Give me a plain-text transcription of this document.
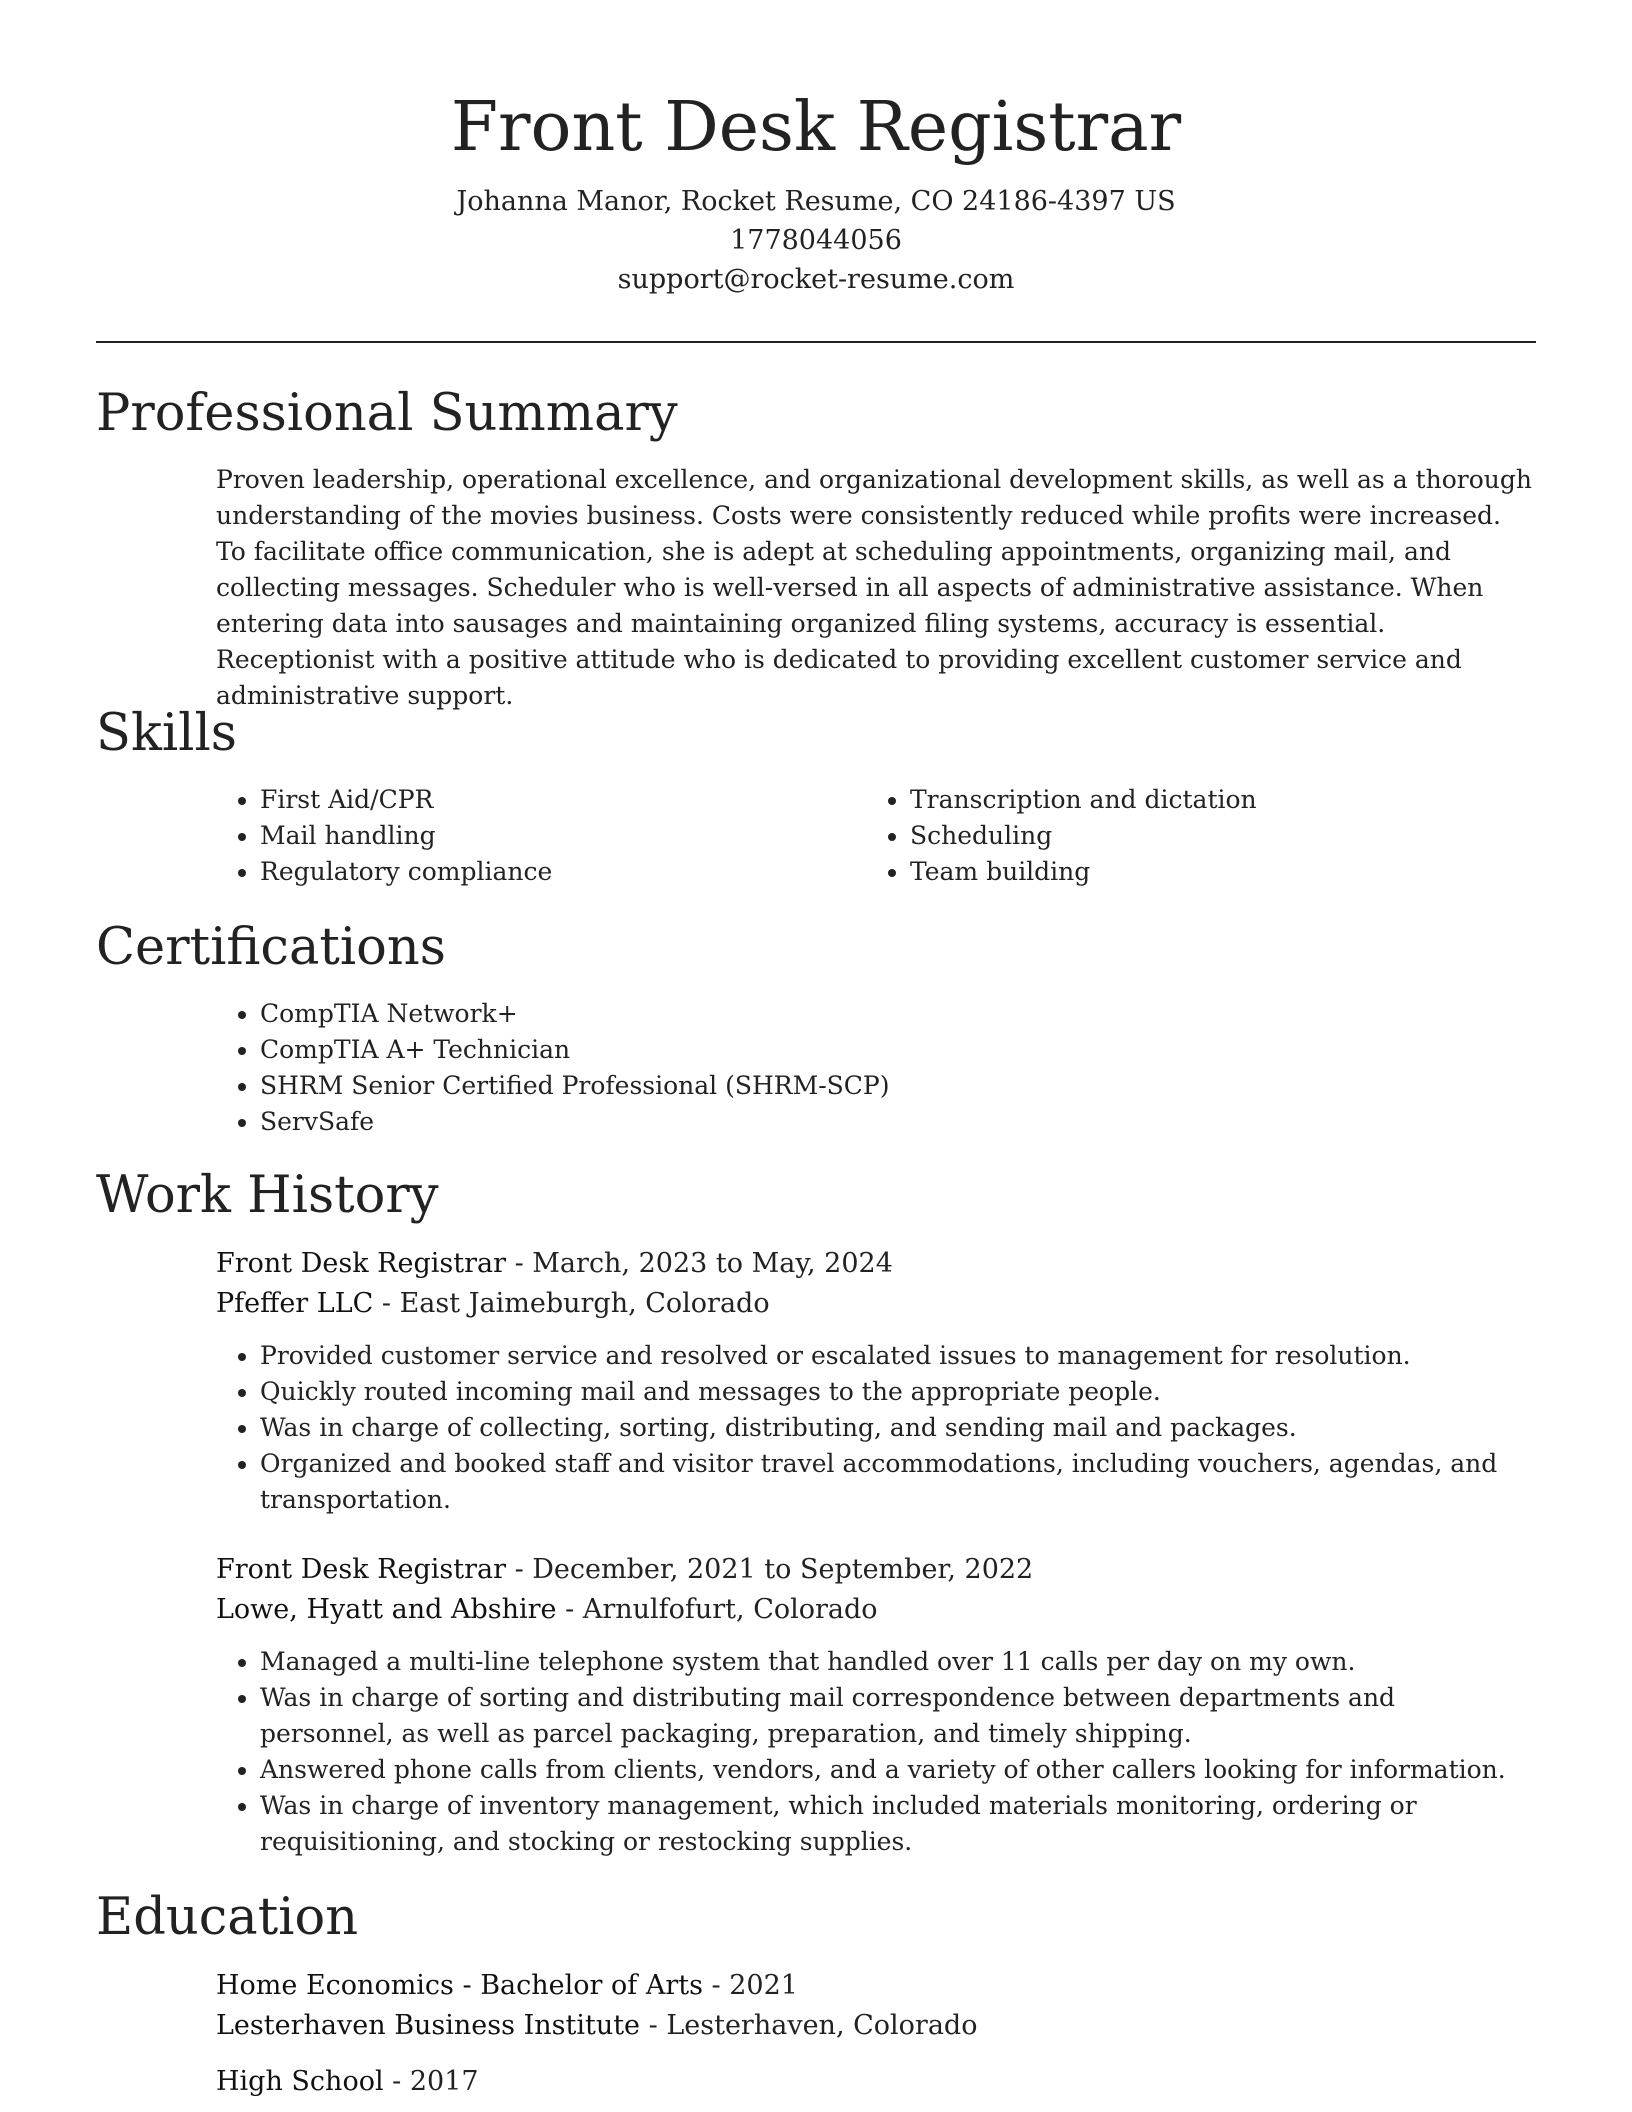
Front Desk Registrar
Johanna Manor, Rocket Resume, CO 24186-4397 US
1778044056
support@rocket-resume.com
Professional Summary

Proven leadership, operational excellence, and organizational development skills, as well as a thorough understanding of the movies business. Costs were consistently reduced while profits were increased. To facilitate office communication, she is adept at scheduling appointments, organizing mail, and collecting messages. Scheduler who is well-versed in all aspects of administrative assistance. When entering data into sausages and maintaining organized filing systems, accuracy is essential. Receptionist with a positive attitude who is dedicated to providing excellent customer service and administrative support.

Skills
• First Aid/CPR
• Mail handling
• Regulatory compliance
• Transcription and dictation
• Scheduling
• Team building
Certifications
• CompTIA Network+
• CompTIA A+ Technician
• SHRM Senior Certified Professional (SHRM-SCP)
• ServSafe
Work History
Front Desk Registrar - March, 2023 to May, 2024
Pfeffer LLC - East Jaimeburgh, Colorado
• Provided customer service and resolved or escalated issues to management for resolution.
• Quickly routed incoming mail and messages to the appropriate people.
• Was in charge of collecting, sorting, distributing, and sending mail and packages.
• Organized and booked staff and visitor travel accommodations, including vouchers, agendas, and transportation.
Front Desk Registrar - December, 2021 to September, 2022
Lowe, Hyatt and Abshire - Arnulfofurt, Colorado
• Managed a multi-line telephone system that handled over 11 calls per day on my own.
• Was in charge of sorting and distributing mail correspondence between departments and personnel, as well as parcel packaging, preparation, and timely shipping.
• Answered phone calls from clients, vendors, and a variety of other callers looking for information.
• Was in charge of inventory management, which included materials monitoring, ordering or requisitioning, and stocking or restocking supplies.
Education
Home Economics - Bachelor of Arts - 2021
Lesterhaven Business Institute - Lesterhaven, Colorado
High School - 2017
